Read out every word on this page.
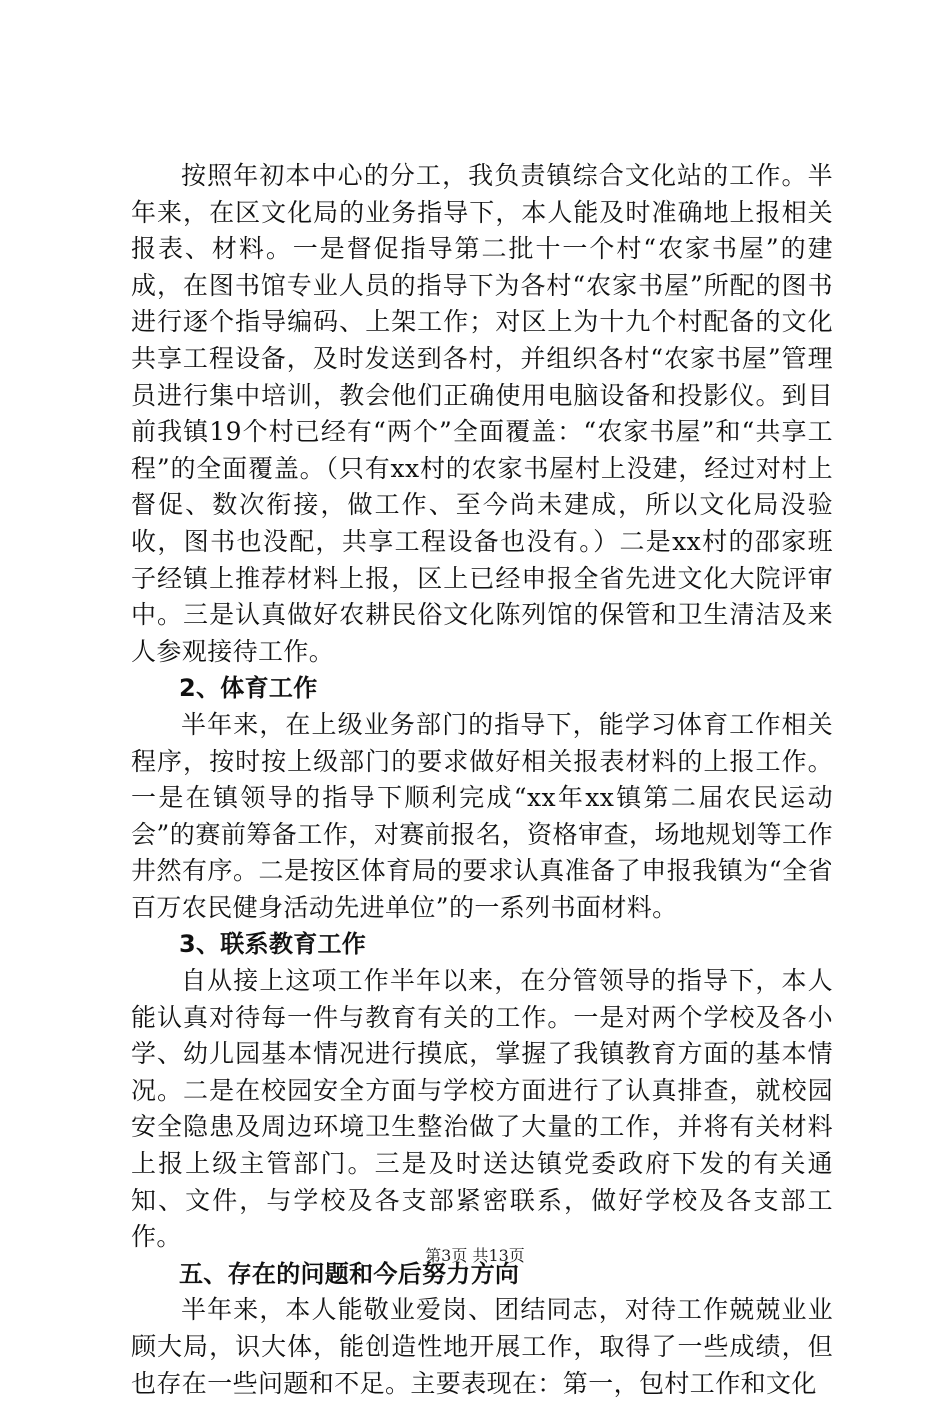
按照年初本中心的分工，我负责镇综合文化站的工作。半年来，在区文化局的业务指导下，本人能及时准确地上报相关报表、材料。一是督促指导第二批十一个村“农家书屋”的建成，在图书馆专业人员的指导下为各村“农家书屋”所配的图书进行逐个指导编码、上架工作；对区上为十九个村配备的文化共享工程设备，及时发送到各村，并组织各村“农家书屋”管理员进行集中培训，教会他们正确使用电脑设备和投影仪。到目前我镇19个村已经有“两个”全面覆盖：“农家书屋”和“共享工程”的全面覆盖。（只有xx村的农家书屋村上没建，经过对村上督促、数次衔接，做工作、至今尚未建成，所以文化局没验收，图书也没配，共享工程设备也没有。）二是xx村的邵家班子经镇上推荐材料上报，区上已经申报全省先进文化大院评审中。三是认真做好农耕民俗文化陈列馆的保管和卫生清洁及来人参观接待工作。

2、体育工作

半年来，在上级业务部门的指导下，能学习体育工作相关程序，按时按上级部门的要求做好相关报表材料的上报工作。一是在镇领导的指导下顺利完成“xx年xx镇第二届农民运动会”的赛前筹备工作，对赛前报名，资格审查，场地规划等工作井然有序。二是按区体育局的要求认真准备了申报我镇为“全省百万农民健身活动先进单位”的一系列书面材料。

3、联系教育工作

自从接上这项工作半年以来，在分管领导的指导下，本人能认真对待每一件与教育有关的工作。一是对两个学校及各小学、幼儿园基本情况进行摸底，掌握了我镇教育方面的基本情况。二是在校园安全方面与学校方面进行了认真排查，就校园安全隐患及周边环境卫生整治做了大量的工作，并将有关材料上报上级主管部门。三是及时送达镇党委政府下发的有关通知、文件，与学校及各支部紧密联系，做好学校及各支部工作。

五、存在的问题和今后努力方向

半年来，本人能敬业爱岗、团结同志，对待工作兢兢业业顾大局，识大体，能创造性地开展工作，取得了一些成绩，但也存在一些问题和不足。主要表现在：第一，包村工作和文化

第3页 共13页
